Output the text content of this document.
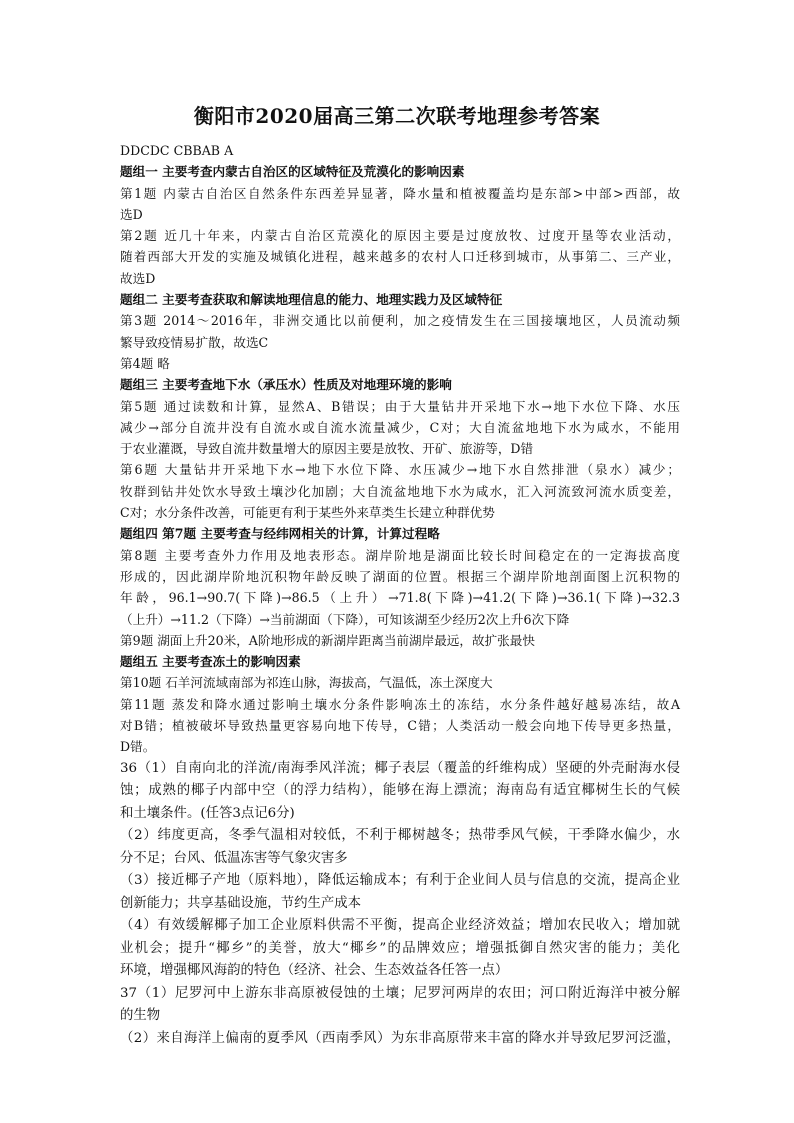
衡阳市2020届高三第二次联考地理参考答案
DDCDC CBBAB A
题组一 主要考查内蒙古自治区的区域特征及荒漠化的影响因素
第1题 内蒙古自治区自然条件东西差异显著，降水量和植被覆盖均是东部>中部>西部，故
选D
第2题 近几十年来，内蒙古自治区荒漠化的原因主要是过度放牧、过度开垦等农业活动，
随着西部大开发的实施及城镇化进程，越来越多的农村人口迁移到城市，从事第二、三产业，
故选D
题组二 主要考查获取和解读地理信息的能力、地理实践力及区域特征
第3题 2014～2016年，非洲交通比以前便利，加之疫情发生在三国接壤地区，人员流动频
繁导致疫情易扩散，故选C
第4题 略
题组三 主要考查地下水（承压水）性质及对地理环境的影响
第5题 通过读数和计算，显然A、B错误；由于大量钻井开采地下水→地下水位下降、水压
减少→部分自流井没有自流水或自流水流量减少，C对；大自流盆地地下水为咸水，不能用
于农业灌溉，导致自流井数量增大的原因主要是放牧、开矿、旅游等，D错
第6题 大量钻井开采地下水→地下水位下降、水压减少→地下水自然排泄（泉水）减少；
牧群到钻井处饮水导致土壤沙化加剧；大自流盆地地下水为咸水，汇入河流致河流水质变差，
C对；水分条件改善，可能更有利于某些外来草类生长建立种群优势
题组四 第7题 主要考查与经纬网相关的计算，计算过程略
第8题 主要考查外力作用及地表形态。湖岸阶地是湖面比较长时间稳定在的一定海拔高度
形成的，因此湖岸阶地沉积物年龄反映了湖面的位置。根据三个湖岸阶地剖面图上沉积物的
年龄，96.1→90.7(下降)→86.5（上升）→71.8(下降)→41.2(下降)→36.1(下降)→32.3
（上升）→11.2（下降）→当前湖面（下降），可知该湖至少经历2次上升6次下降
第9题 湖面上升20米，A阶地形成的新湖岸距离当前湖岸最远，故扩张最快
题组五 主要考查冻土的影响因素
第10题 石羊河流域南部为祁连山脉，海拔高，气温低，冻土深度大
第11题 蒸发和降水通过影响土壤水分条件影响冻土的冻结，水分条件越好越易冻结，故A
对B错；植被破坏导致热量更容易向地下传导，C错；人类活动一般会向地下传导更多热量，
D错。
36（1）自南向北的洋流/南海季风洋流；椰子表层（覆盖的纤维构成）坚硬的外壳耐海水侵
蚀；成熟的椰子内部中空（的浮力结构），能够在海上漂流；海南岛有适宜椰树生长的气候
和土壤条件。(任答3点记6分)
（2）纬度更高，冬季气温相对较低，不利于椰树越冬；热带季风气候，干季降水偏少，水
分不足；台风、低温冻害等气象灾害多
（3）接近椰子产地（原料地），降低运输成本；有利于企业间人员与信息的交流，提高企业
创新能力；共享基础设施，节约生产成本
（4）有效缓解椰子加工企业原料供需不平衡，提高企业经济效益；增加农民收入；增加就
业机会；提升“椰乡”的美誉，放大“椰乡”的品牌效应；增强抵御自然灾害的能力；美化
环境，增强椰风海韵的特色（经济、社会、生态效益各任答一点）
37（1）尼罗河中上游东非高原被侵蚀的土壤；尼罗河两岸的农田；河口附近海洋中被分解
的生物
（2）来自海洋上偏南的夏季风（西南季风）为东非高原带来丰富的降水并导致尼罗河泛滥，
